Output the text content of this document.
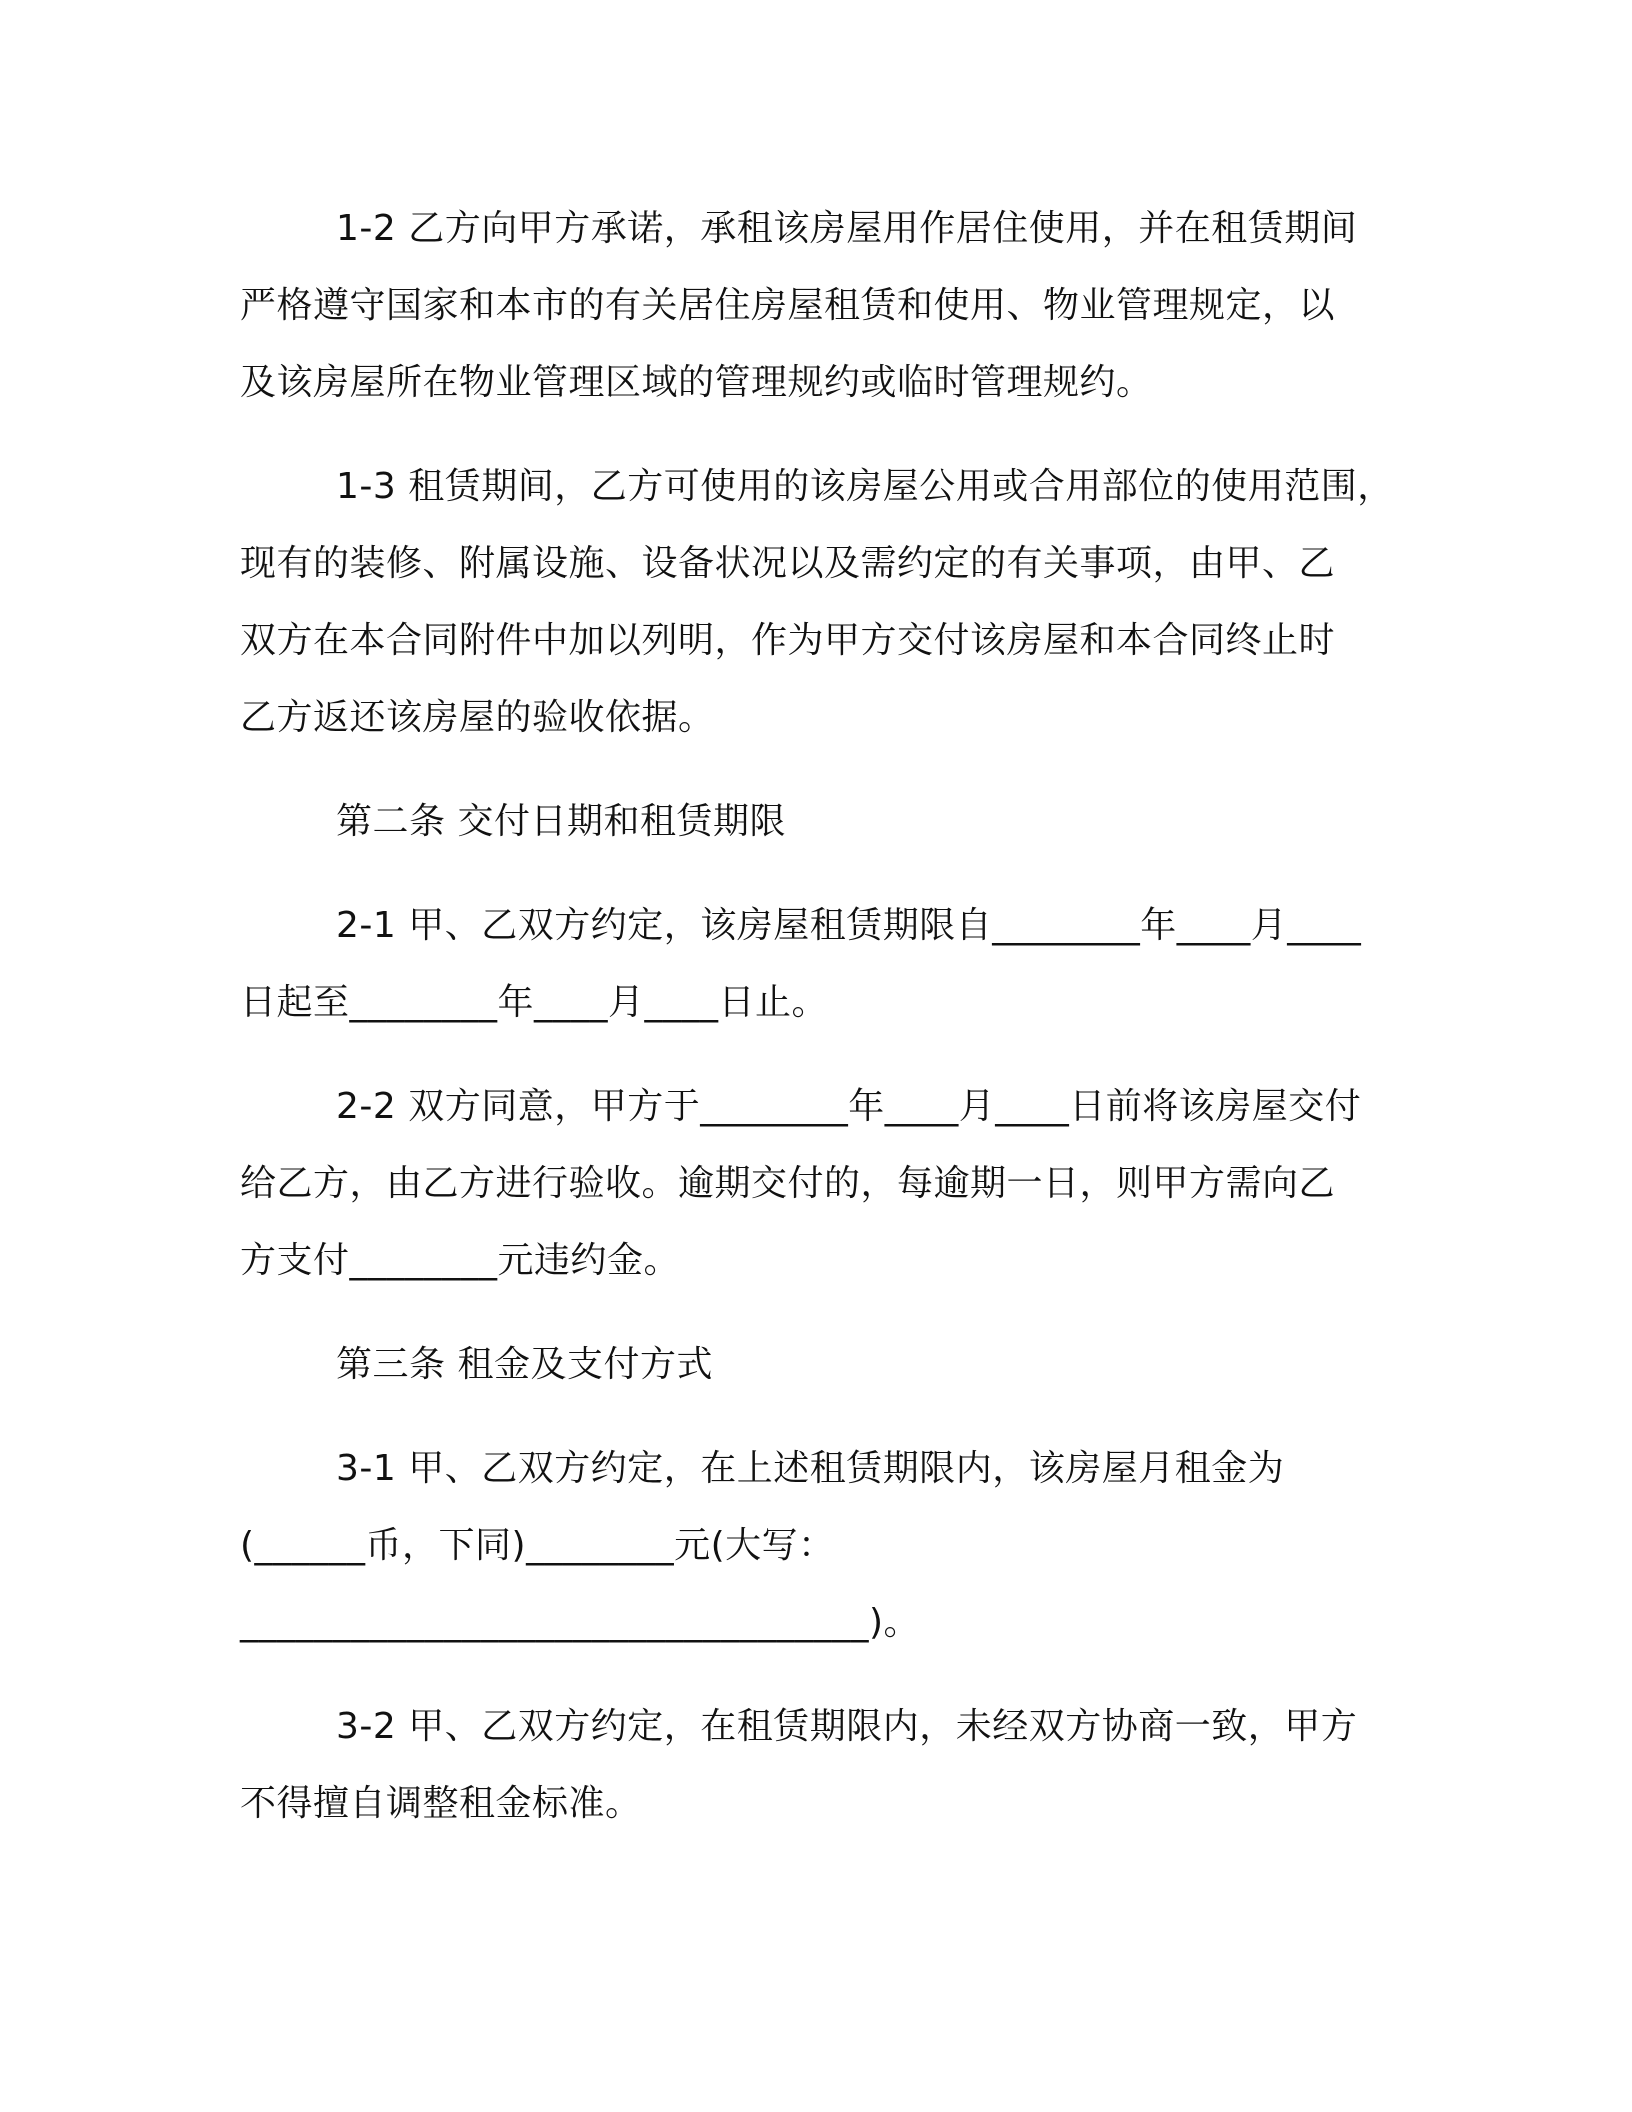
1-2 乙方向甲方承诺，承租该房屋用作居住使用，并在租赁期间
严格遵守国家和本市的有关居住房屋租赁和使用、物业管理规定，以
及该房屋所在物业管理区域的管理规约或临时管理规约。
1-3 租赁期间，乙方可使用的该房屋公用或合用部位的使用范围，
现有的装修、附属设施、设备状况以及需约定的有关事项，由甲、乙
双方在本合同附件中加以列明，作为甲方交付该房屋和本合同终止时
乙方返还该房屋的验收依据。
第二条 交付日期和租赁期限
2-1 甲、乙双方约定，该房屋租赁期限自________年____月____
日起至________年____月____日止。
2-2 双方同意，甲方于________年____月____日前将该房屋交付
给乙方，由乙方进行验收。逾期交付的，每逾期一日，则甲方需向乙
方支付________元违约金。
第三条 租金及支付方式
3-1 甲、乙双方约定，在上述租赁期限内，该房屋月租金为
(______币，下同)________元(大写：
__________________________________)。
3-2 甲、乙双方约定，在租赁期限内，未经双方协商一致，甲方
不得擅自调整租金标准。
